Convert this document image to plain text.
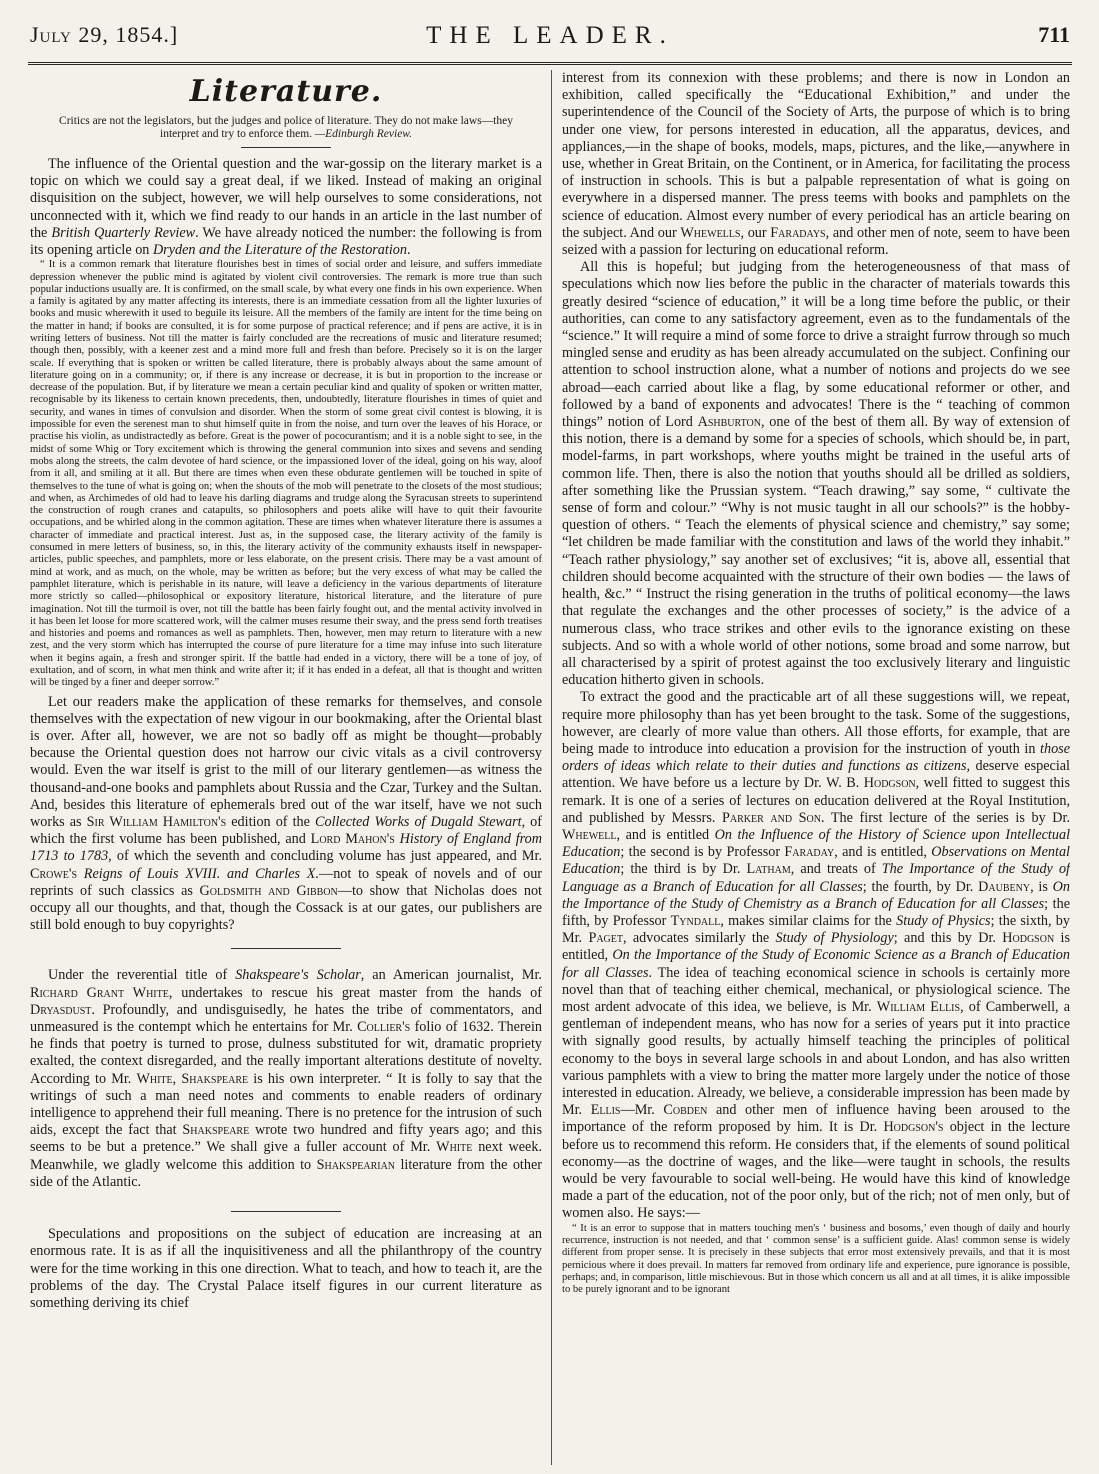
July 29, 1854.]	THE LEADER.	711
Literature.
Critics are not the legislators, but the judges and police of literature. They do not make laws—they interpret and try to enforce them. —Edinburgh Review.

The influence of the Oriental question and the war-gossip on the literary market is a topic on which we could say a great deal, if we liked. Instead of making an original disquisition on the subject, however, we will help ourselves to some considerations, not unconnected with it, which we find ready to our hands in an article in the last number of the British Quarterly Review. We have already noticed the number: the following is from its opening article on Dryden and the Literature of the Restoration.

“ It is a common remark that literature flourishes best in times of social order and leisure, and suffers immediate depression whenever the public mind is agitated by violent civil controversies. The remark is more true than such popular inductions usually are. It is confirmed, on the small scale, by what every one finds in his own experience. When a family is agitated by any matter affecting its interests, there is an immediate cessation from all the lighter luxuries of books and music wherewith it used to beguile its leisure. All the members of the family are intent for the time being on the matter in hand; if books are consulted, it is for some purpose of practical reference; and if pens are active, it is in writing letters of business. Not till the matter is fairly concluded are the recreations of music and literature resumed; though then, possibly, with a keener zest and a mind more full and fresh than before. Precisely so it is on the larger scale. If everything that is spoken or written be called literature, there is probably always about the same amount of literature going on in a community; or, if there is any increase or decrease, it is but in proportion to the increase or decrease of the population. But, if by literature we mean a certain peculiar kind and quality of spoken or written matter, recognisable by its likeness to certain known precedents, then, undoubtedly, literature flourishes in times of quiet and security, and wanes in times of convulsion and disorder. When the storm of some great civil contest is blowing, it is impossible for even the serenest man to shut himself quite in from the noise, and turn over the leaves of his Horace, or practise his violin, as undistractedly as before. Great is the power of pococurantism; and it is a noble sight to see, in the midst of some Whig or Tory excitement which is throwing the general communion into sixes and sevens and sending mobs along the streets, the calm devotee of hard science, or the impassioned lover of the ideal, going on his way, aloof from it all, and smiling at it all. But there are times when even these obdurate gentlemen will be touched in spite of themselves to the tune of what is going on; when the shouts of the mob will penetrate to the closets of the most studious; and when, as Archimedes of old had to leave his darling diagrams and trudge along the Syracusan streets to superintend the construction of rough cranes and catapults, so philosophers and poets alike will have to quit their favourite occupations, and be whirled along in the common agitation. These are times when whatever literature there is assumes a character of immediate and practical interest. Just as, in the supposed case, the literary activity of the family is consumed in mere letters of business, so, in this, the literary activity of the community exhausts itself in newspaper-articles, public speeches, and pamphlets, more or less elaborate, on the present crisis. There may be a vast amount of mind at work, and as much, on the whole, may be written as before; but the very excess of what may be called the pamphlet literature, which is perishable in its nature, will leave a deficiency in the various departments of literature more strictly so called—philosophical or expository literature, historical literature, and the literature of pure imagination. Not till the turmoil is over, not till the battle has been fairly fought out, and the mental activity involved in it has been let loose for more scattered work, will the calmer muses resume their sway, and the press send forth treatises and histories and poems and romances as well as pamphlets. Then, however, men may return to literature with a new zest, and the very storm which has interrupted the course of pure literature for a time may infuse into such literature when it begins again, a fresh and stronger spirit. If the battle had ended in a victory, there will be a tone of joy, of exultation, and of scorn, in what men think and write after it; if it has ended in a defeat, all that is thought and written will be tinged by a finer and deeper sorrow.”

Let our readers make the application of these remarks for themselves, and console themselves with the expectation of new vigour in our bookmaking, after the Oriental blast is over. After all, however, we are not so badly off as might be thought—probably because the Oriental question does not harrow our civic vitals as a civil controversy would. Even the war itself is grist to the mill of our literary gentlemen—as witness the thousand-and-one books and pamphlets about Russia and the Czar, Turkey and the Sultan. And, besides this literature of ephemerals bred out of the war itself, have we not such works as Sir William Hamilton's edition of the Collected Works of Dugald Stewart, of which the first volume has been published, and Lord Mahon's History of England from 1713 to 1783, of which the seventh and concluding volume has just appeared, and Mr. Crowe's Reigns of Louis XVIII. and Charles X.—not to speak of novels and of our reprints of such classics as Goldsmith and Gibbon—to show that Nicholas does not occupy all our thoughts, and that, though the Cossack is at our gates, our publishers are still bold enough to buy copyrights?

Under the reverential title of Shakspeare's Scholar, an American journalist, Mr. Richard Grant White, undertakes to rescue his great master from the hands of Dryasdust. Profoundly, and undisguisedly, he hates the tribe of commentators, and unmeasured is the contempt which he entertains for Mr. Collier's folio of 1632. Therein he finds that poetry is turned to prose, dulness substituted for wit, dramatic propriety exalted, the context disregarded, and the really important alterations destitute of novelty. According to Mr. White, Shakspeare is his own interpreter. “ It is folly to say that the writings of such a man need notes and comments to enable readers of ordinary intelligence to apprehend their full meaning. There is no pretence for the intrusion of such aids, except the fact that Shakspeare wrote two hundred and fifty years ago; and this seems to be but a pretence.” We shall give a fuller account of Mr. White next week. Meanwhile, we gladly welcome this addition to Shakspearian literature from the other side of the Atlantic.

Speculations and propositions on the subject of education are increasing at an enormous rate. It is as if all the inquisitiveness and all the philanthropy of the country were for the time working in this one direction. What to teach, and how to teach it, are the problems of the day. The Crystal Palace itself figures in our current literature as something deriving its chief

interest from its connexion with these problems; and there is now in London an exhibition, called specifically the “Educational Exhibition,” and under the superintendence of the Council of the Society of Arts, the purpose of which is to bring under one view, for persons interested in education, all the apparatus, devices, and appliances,—in the shape of books, models, maps, pictures, and the like,—anywhere in use, whether in Great Britain, on the Continent, or in America, for facilitating the process of instruction in schools. This is but a palpable representation of what is going on everywhere in a dispersed manner. The press teems with books and pamphlets on the science of education. Almost every number of every periodical has an article bearing on the subject. And our Whewells, our Faradays, and other men of note, seem to have been seized with a passion for lecturing on educational reform.

All this is hopeful; but judging from the heterogeneousness of that mass of speculations which now lies before the public in the character of materials towards this greatly desired “science of education,” it will be a long time before the public, or their authorities, can come to any satisfactory agreement, even as to the fundamentals of the “science.” It will require a mind of some force to drive a straight furrow through so much mingled sense and erudity as has been already accumulated on the subject. Confining our attention to school instruction alone, what a number of notions and projects do we see abroad—each carried about like a flag, by some educational reformer or other, and followed by a band of exponents and advocates! There is the “ teaching of common things” notion of Lord Ashburton, one of the best of them all. By way of extension of this notion, there is a demand by some for a species of schools, which should be, in part, model-farms, in part workshops, where youths might be trained in the useful arts of common life. Then, there is also the notion that youths should all be drilled as soldiers, after something like the Prussian system. “Teach drawing,” say some, “ cultivate the sense of form and colour.” “Why is not music taught in all our schools?” is the hobby-question of others. “ Teach the elements of physical science and chemistry,” say some; “let children be made familiar with the constitution and laws of the world they inhabit.” “Teach rather physiology,” say another set of exclusives; “it is, above all, essential that children should become acquainted with the structure of their own bodies — the laws of health, &c.” “ Instruct the rising generation in the truths of political economy—the laws that regulate the exchanges and the other processes of society,” is the advice of a numerous class, who trace strikes and other evils to the ignorance existing on these subjects. And so with a whole world of other notions, some broad and some narrow, but all characterised by a spirit of protest against the too exclusively literary and linguistic education hitherto given in schools.

To extract the good and the practicable art of all these suggestions will, we repeat, require more philosophy than has yet been brought to the task. Some of the suggestions, however, are clearly of more value than others. All those efforts, for example, that are being made to introduce into education a provision for the instruction of youth in those orders of ideas which relate to their duties and functions as citizens, deserve especial attention. We have before us a lecture by Dr. W. B. Hodgson, well fitted to suggest this remark. It is one of a series of lectures on education delivered at the Royal Institution, and published by Messrs. Parker and Son. The first lecture of the series is by Dr. Whewell, and is entitled On the Influence of the History of Science upon Intellectual Education; the second is by Professor Faraday, and is entitled, Observations on Mental Education; the third is by Dr. Latham, and treats of The Importance of the Study of Language as a Branch of Education for all Classes; the fourth, by Dr. Daubeny, is On the Importance of the Study of Chemistry as a Branch of Education for all Classes; the fifth, by Professor Tyndall, makes similar claims for the Study of Physics; the sixth, by Mr. Paget, advocates similarly the Study of Physiology; and this by Dr. Hodgson is entitled, On the Importance of the Study of Economic Science as a Branch of Education for all Classes. The idea of teaching economical science in schools is certainly more novel than that of teaching either chemical, mechanical, or physiological science. The most ardent advocate of this idea, we believe, is Mr. William Ellis, of Camberwell, a gentleman of independent means, who has now for a series of years put it into practice with signally good results, by actually himself teaching the principles of political economy to the boys in several large schools in and about London, and has also written various pamphlets with a view to bring the matter more largely under the notice of those interested in education. Already, we believe, a considerable impression has been made by Mr. Ellis—Mr. Cobden and other men of influence having been aroused to the importance of the reform proposed by him. It is Dr. Hodgson's object in the lecture before us to recommend this reform. He considers that, if the elements of sound political economy—as the doctrine of wages, and the like—were taught in schools, the results would be very favourable to social well-being. He would have this kind of knowledge made a part of the education, not of the poor only, but of the rich; not of men only, but of women also. He says:—

“ It is an error to suppose that in matters touching men's ‘ business and bosoms,’ even though of daily and hourly recurrence, instruction is not needed, and that ‘ common sense’ is a sufficient guide. Alas! common sense is widely different from proper sense. It is precisely in these subjects that error most extensively prevails, and that it is most pernicious where it does prevail. In matters far removed from ordinary life and experience, pure ignorance is possible, perhaps; and, in comparison, little mischievous. But in those which concern us all and at all times, it is alike impossible to be purely ignorant and to be ignorant
